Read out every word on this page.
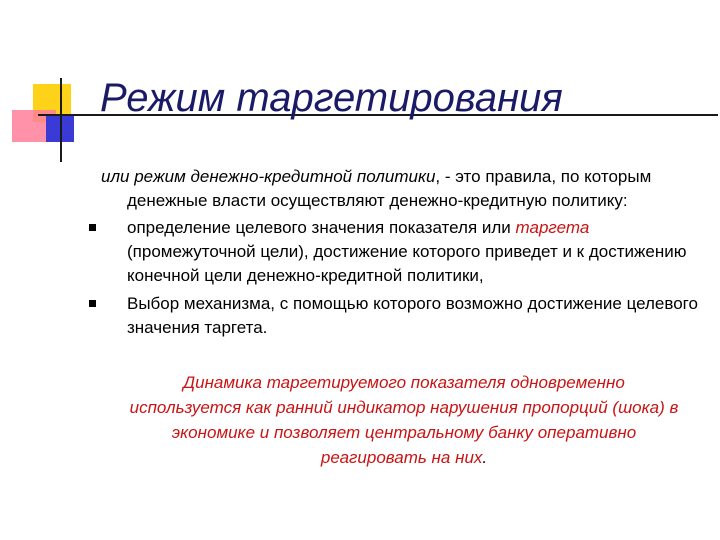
Режим таргетирования

или режим денежно-кредитной политики, - это правила, по которым денежные власти осуществляют денежно-кредитную политику:

определение целевого значения показателя или таргета (промежуточной цели), достижение которого приведет и к достижению конечной цели денежно-кредитной политики,
Выбор механизма, с помощью которого возможно достижение целевого значения таргета.
Динамика таргетируемого показателя одновременно используется как ранний индикатор нарушения пропорций (шока) в экономике и позволяет центральному банку оперативно реагировать на них.
